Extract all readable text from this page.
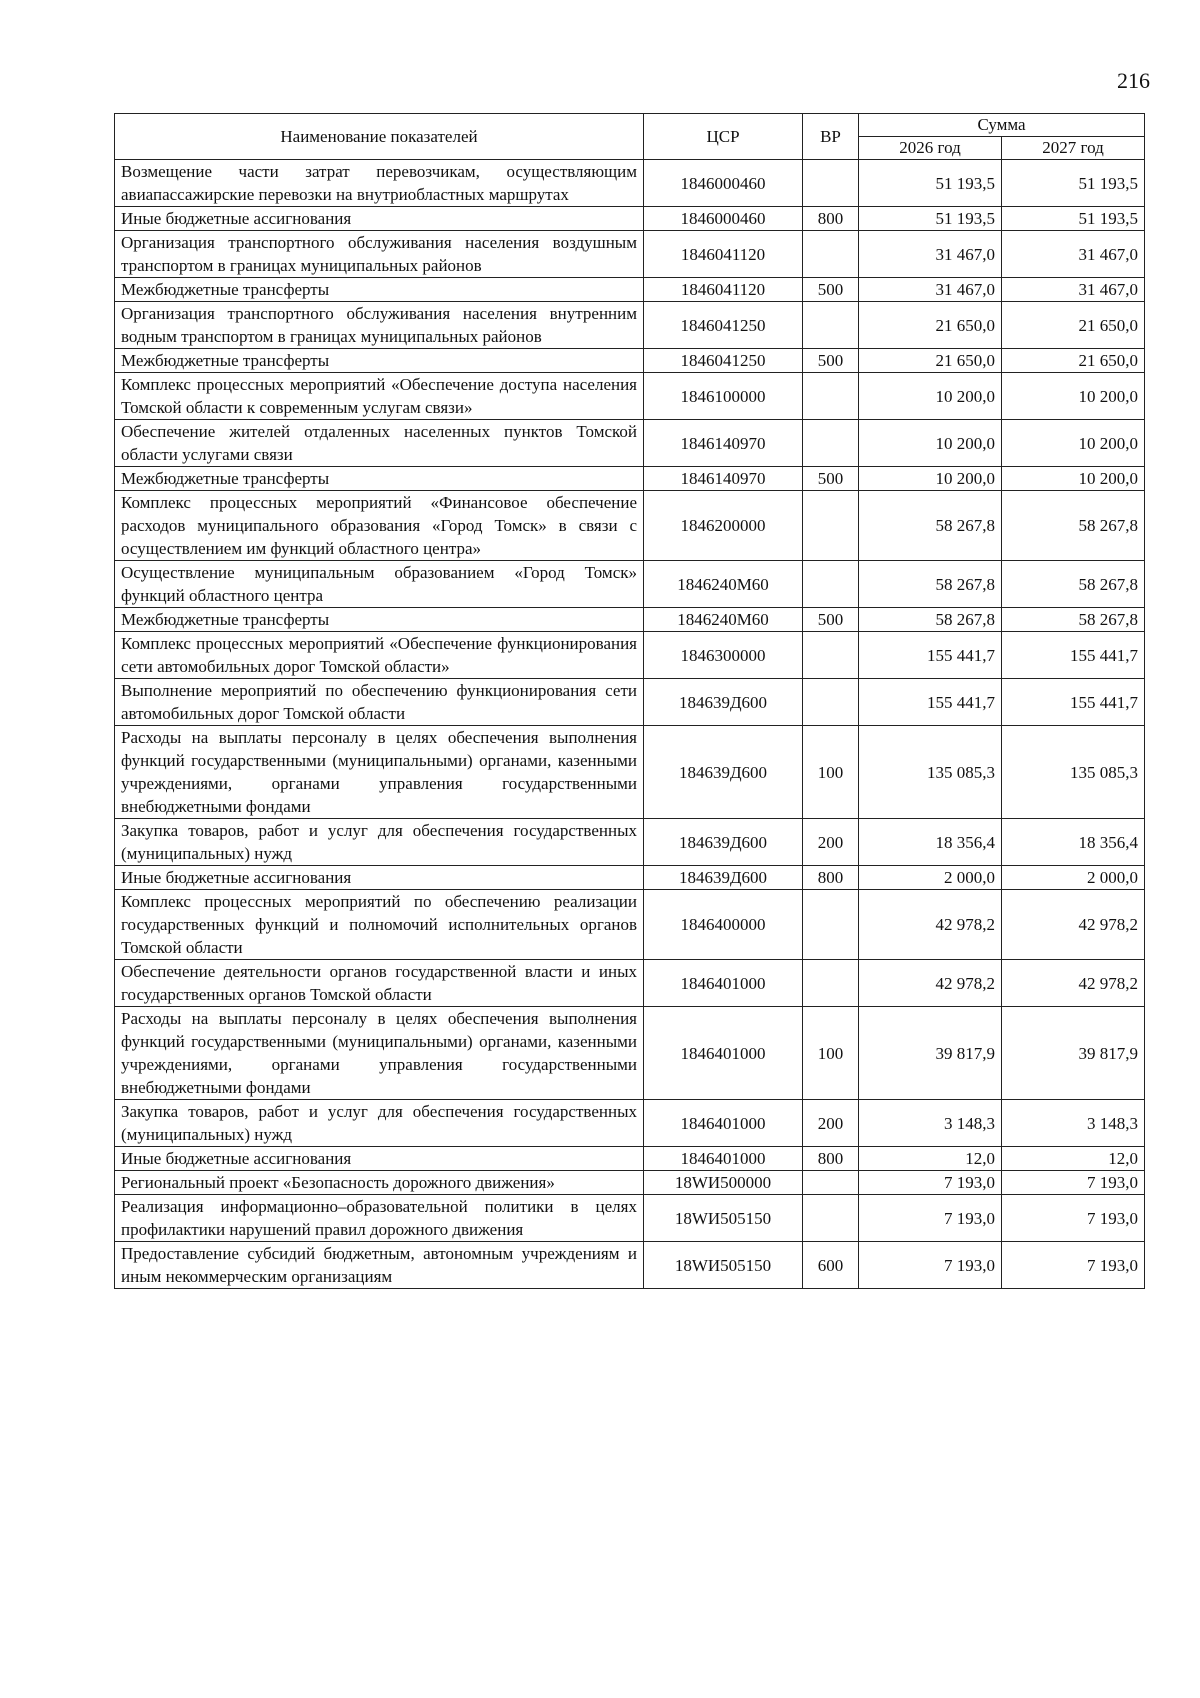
216
Наименование показателей	ЦСР	ВР	Сумма	
			2026 год	2027 год
Возмещение части затрат перевозчикам, осуществляющим авиапассажирские перевозки на внутриобластных маршрутах	1846000460		51 193,5	51 193,5
Иные бюджетные ассигнования	1846000460	800	51 193,5	51 193,5
Организация транспортного обслуживания населения воздушным транспортом в границах муниципальных районов	1846041120		31 467,0	31 467,0
Межбюджетные трансферты	1846041120	500	31 467,0	31 467,0
Организация транспортного обслуживания населения внутренним водным транспортом в границах муниципальных районов	1846041250		21 650,0	21 650,0
Межбюджетные трансферты	1846041250	500	21 650,0	21 650,0
Комплекс процессных мероприятий «Обеспечение доступа населения Томской области к современным услугам связи»	1846100000		10 200,0	10 200,0
Обеспечение жителей отдаленных населенных пунктов Томской области услугами связи	1846140970		10 200,0	10 200,0
Межбюджетные трансферты	1846140970	500	10 200,0	10 200,0
Комплекс процессных мероприятий «Финансовое обеспечение расходов муниципального образования «Город Томск» в связи с осуществлением им функций областного центра»	1846200000		58 267,8	58 267,8
Осуществление муниципальным образованием «Город Томск» функций областного центра	1846240М60		58 267,8	58 267,8
Межбюджетные трансферты	1846240М60	500	58 267,8	58 267,8
Комплекс процессных мероприятий «Обеспечение функционирования сети автомобильных дорог Томской области»	1846300000		155 441,7	155 441,7
Выполнение мероприятий по обеспечению функционирования сети автомобильных дорог Томской области	184639Д600		155 441,7	155 441,7
Расходы на выплаты персоналу в целях обеспечения выполнения функций государственными (муниципальными) органами, казенными учреждениями, органами управления государственными внебюджетными фондами	184639Д600	100	135 085,3	135 085,3
Закупка товаров, работ и услуг для обеспечения государственных (муниципальных) нужд	184639Д600	200	18 356,4	18 356,4
Иные бюджетные ассигнования	184639Д600	800	2 000,0	2 000,0
Комплекс процессных мероприятий по обеспечению реализации государственных функций и полномочий исполнительных органов Томской области	1846400000		42 978,2	42 978,2
Обеспечение деятельности органов государственной власти и иных государственных органов Томской области	1846401000		42 978,2	42 978,2
Расходы на выплаты персоналу в целях обеспечения выполнения функций государственными (муниципальными) органами, казенными учреждениями, органами управления государственными внебюджетными фондами	1846401000	100	39 817,9	39 817,9
Закупка товаров, работ и услуг для обеспечения государственных (муниципальных) нужд	1846401000	200	3 148,3	3 148,3
Иные бюджетные ассигнования	1846401000	800	12,0	12,0
Региональный проект «Безопасность дорожного движения»	18WИ500000		7 193,0	7 193,0
Реализация информационно–образовательной политики в целях профилактики нарушений правил дорожного движения	18WИ505150		7 193,0	7 193,0
Предоставление субсидий бюджетным, автономным учреждениям и иным некоммерческим организациям	18WИ505150	600	7 193,0	7 193,0
